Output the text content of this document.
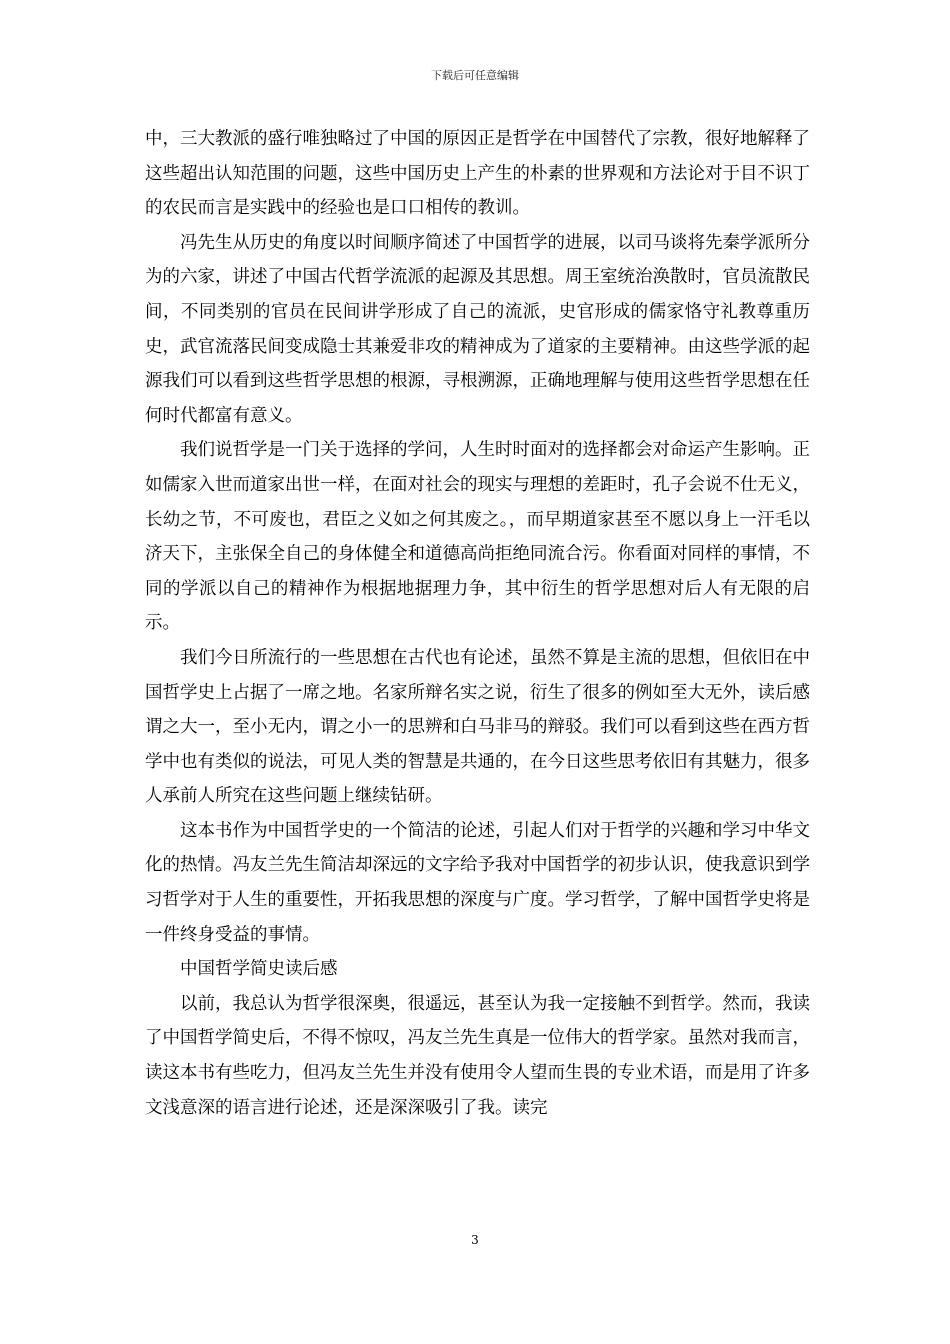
下载后可任意编辑

中，三大教派的盛行唯独略过了中国的原因正是哲学在中国替代了宗教，很好地解释了这些超出认知范围的问题，这些中国历史上产生的朴素的世界观和方法论对于目不识丁的农民而言是实践中的经验也是口口相传的教训。

冯先生从历史的角度以时间顺序简述了中国哲学的进展，以司马谈将先秦学派所分为的六家，讲述了中国古代哲学流派的起源及其思想。周王室统治涣散时，官员流散民间，不同类别的官员在民间讲学形成了自己的流派，史官形成的儒家恪守礼教尊重历史，武官流落民间变成隐士其兼爱非攻的精神成为了道家的主要精神。由这些学派的起源我们可以看到这些哲学思想的根源，寻根溯源，正确地理解与使用这些哲学思想在任何时代都富有意义。

我们说哲学是一门关于选择的学问，人生时时面对的选择都会对命运产生影响。正如儒家入世而道家出世一样，在面对社会的现实与理想的差距时，孔子会说不仕无义，长幼之节，不可废也，君臣之义如之何其废之。，而早期道家甚至不愿以身上一汗毛以济天下，主张保全自己的身体健全和道德高尚拒绝同流合污。你看面对同样的事情，不同的学派以自己的精神作为根据地据理力争，其中衍生的哲学思想对后人有无限的启示。

我们今日所流行的一些思想在古代也有论述，虽然不算是主流的思想，但依旧在中国哲学史上占据了一席之地。名家所辩名实之说，衍生了很多的例如至大无外，读后感谓之大一，至小无内，谓之小一的思辨和白马非马的辩驳。我们可以看到这些在西方哲学中也有类似的说法，可见人类的智慧是共通的，在今日这些思考依旧有其魅力，很多人承前人所究在这些问题上继续钻研。

这本书作为中国哲学史的一个简洁的论述，引起人们对于哲学的兴趣和学习中华文化的热情。冯友兰先生简洁却深远的文字给予我对中国哲学的初步认识，使我意识到学习哲学对于人生的重要性，开拓我思想的深度与广度。学习哲学，了解中国哲学史将是一件终身受益的事情。

中国哲学简史读后感

以前，我总认为哲学很深奥，很遥远，甚至认为我一定接触不到哲学。然而，我读了中国哲学简史后，不得不惊叹，冯友兰先生真是一位伟大的哲学家。虽然对我而言，读这本书有些吃力，但冯友兰先生并没有使用令人望而生畏的专业术语，而是用了许多文浅意深的语言进行论述，还是深深吸引了我。读完

3
